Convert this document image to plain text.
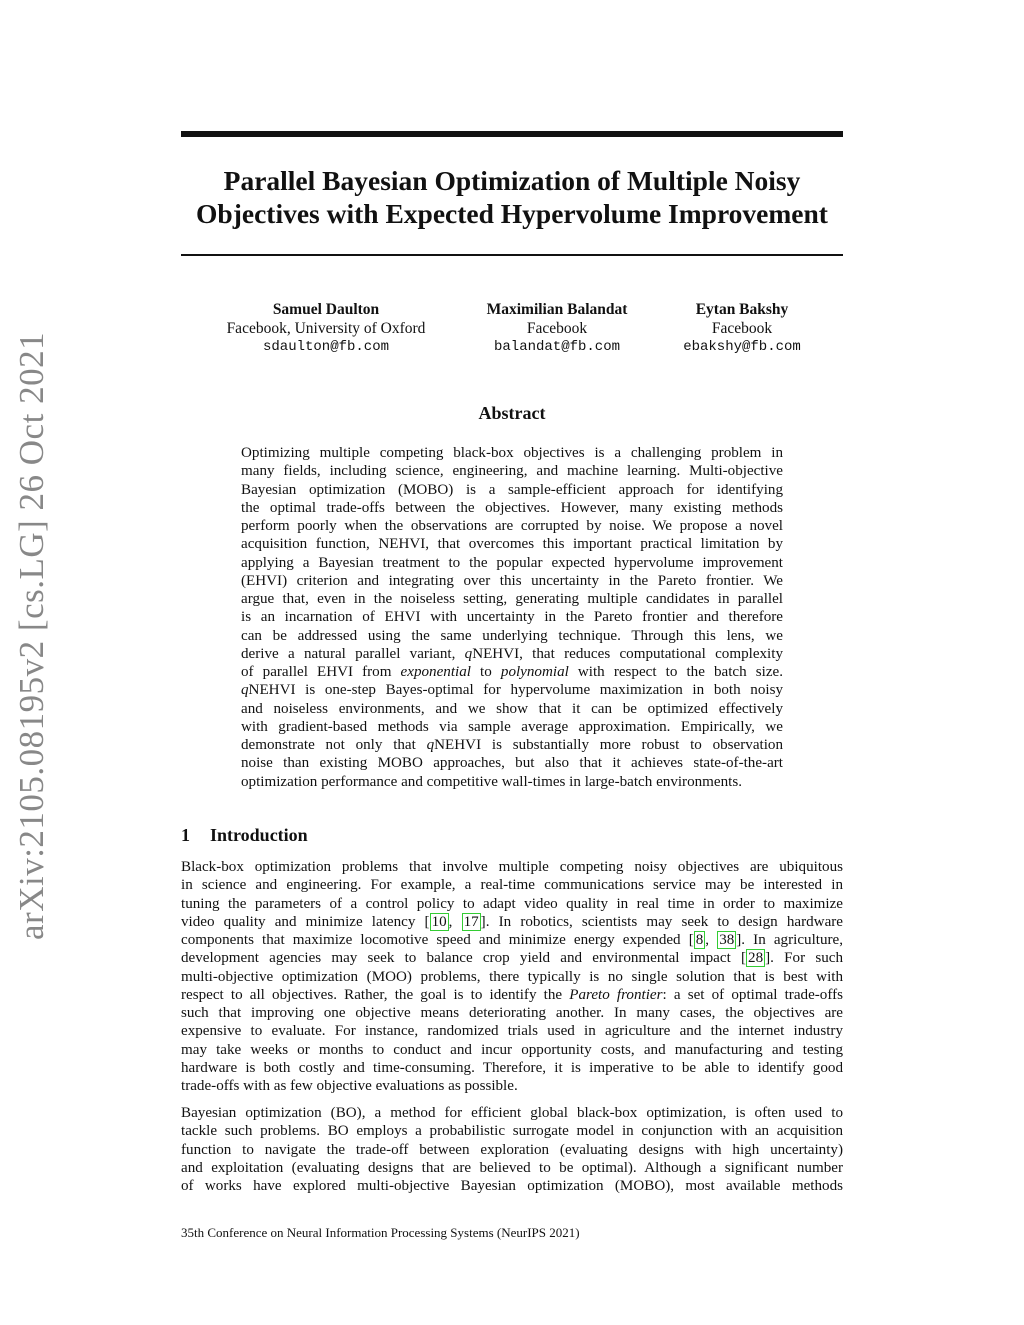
arXiv:2105.08195v2 [cs.LG] 26 Oct 2021
Parallel Bayesian Optimization of Multiple Noisy
Objectives with Expected Hypervolume Improvement
Samuel Daulton
Facebook, University of Oxford
sdaulton@fb.com
Maximilian Balandat
Facebook
balandat@fb.com
Eytan Bakshy
Facebook
ebakshy@fb.com
Abstract
Optimizing multiple competing black-box objectives is a challenging problem in
many fields, including science, engineering, and machine learning. Multi-objective
Bayesian optimization (MOBO) is a sample-efficient approach for identifying
the optimal trade-offs between the objectives. However, many existing methods
perform poorly when the observations are corrupted by noise. We propose a novel
acquisition function, NEHVI, that overcomes this important practical limitation by
applying a Bayesian treatment to the popular expected hypervolume improvement
(EHVI) criterion and integrating over this uncertainty in the Pareto frontier. We
argue that, even in the noiseless setting, generating multiple candidates in parallel
is an incarnation of EHVI with uncertainty in the Pareto frontier and therefore
can be addressed using the same underlying technique. Through this lens, we
derive a natural parallel variant, qNEHVI, that reduces computational complexity
of parallel EHVI from exponential to polynomial with respect to the batch size.
qNEHVI is one-step Bayes-optimal for hypervolume maximization in both noisy
and noiseless environments, and we show that it can be optimized effectively
with gradient-based methods via sample average approximation. Empirically, we
demonstrate not only that qNEHVI is substantially more robust to observation
noise than existing MOBO approaches, but also that it achieves state-of-the-art
optimization performance and competitive wall-times in large-batch environments.
1 Introduction
Black-box optimization problems that involve multiple competing noisy objectives are ubiquitous
in science and engineering. For example, a real-time communications service may be interested in
tuning the parameters of a control policy to adapt video quality in real time in order to maximize
video quality and minimize latency [ 10 , 17 ]. In robotics, scientists may seek to design hardware
components that maximize locomotive speed and minimize energy expended [ 8 , 38 ]. In agriculture,
development agencies may seek to balance crop yield and environmental impact [ 28 ]. For such
multi-objective optimization (MOO) problems, there typically is no single solution that is best with
respect to all objectives. Rather, the goal is to identify the Pareto frontier: a set of optimal trade-offs
such that improving one objective means deteriorating another. In many cases, the objectives are
expensive to evaluate. For instance, randomized trials used in agriculture and the internet industry
may take weeks or months to conduct and incur opportunity costs, and manufacturing and testing
hardware is both costly and time-consuming. Therefore, it is imperative to be able to identify good
trade-offs with as few objective evaluations as possible.
Bayesian optimization (BO), a method for efficient global black-box optimization, is often used to
tackle such problems. BO employs a probabilistic surrogate model in conjunction with an acquisition
function to navigate the trade-off between exploration (evaluating designs with high uncertainty)
and exploitation (evaluating designs that are believed to be optimal). Although a significant number
of works have explored multi-objective Bayesian optimization (MOBO), most available methods
35th Conference on Neural Information Processing Systems (NeurIPS 2021)
